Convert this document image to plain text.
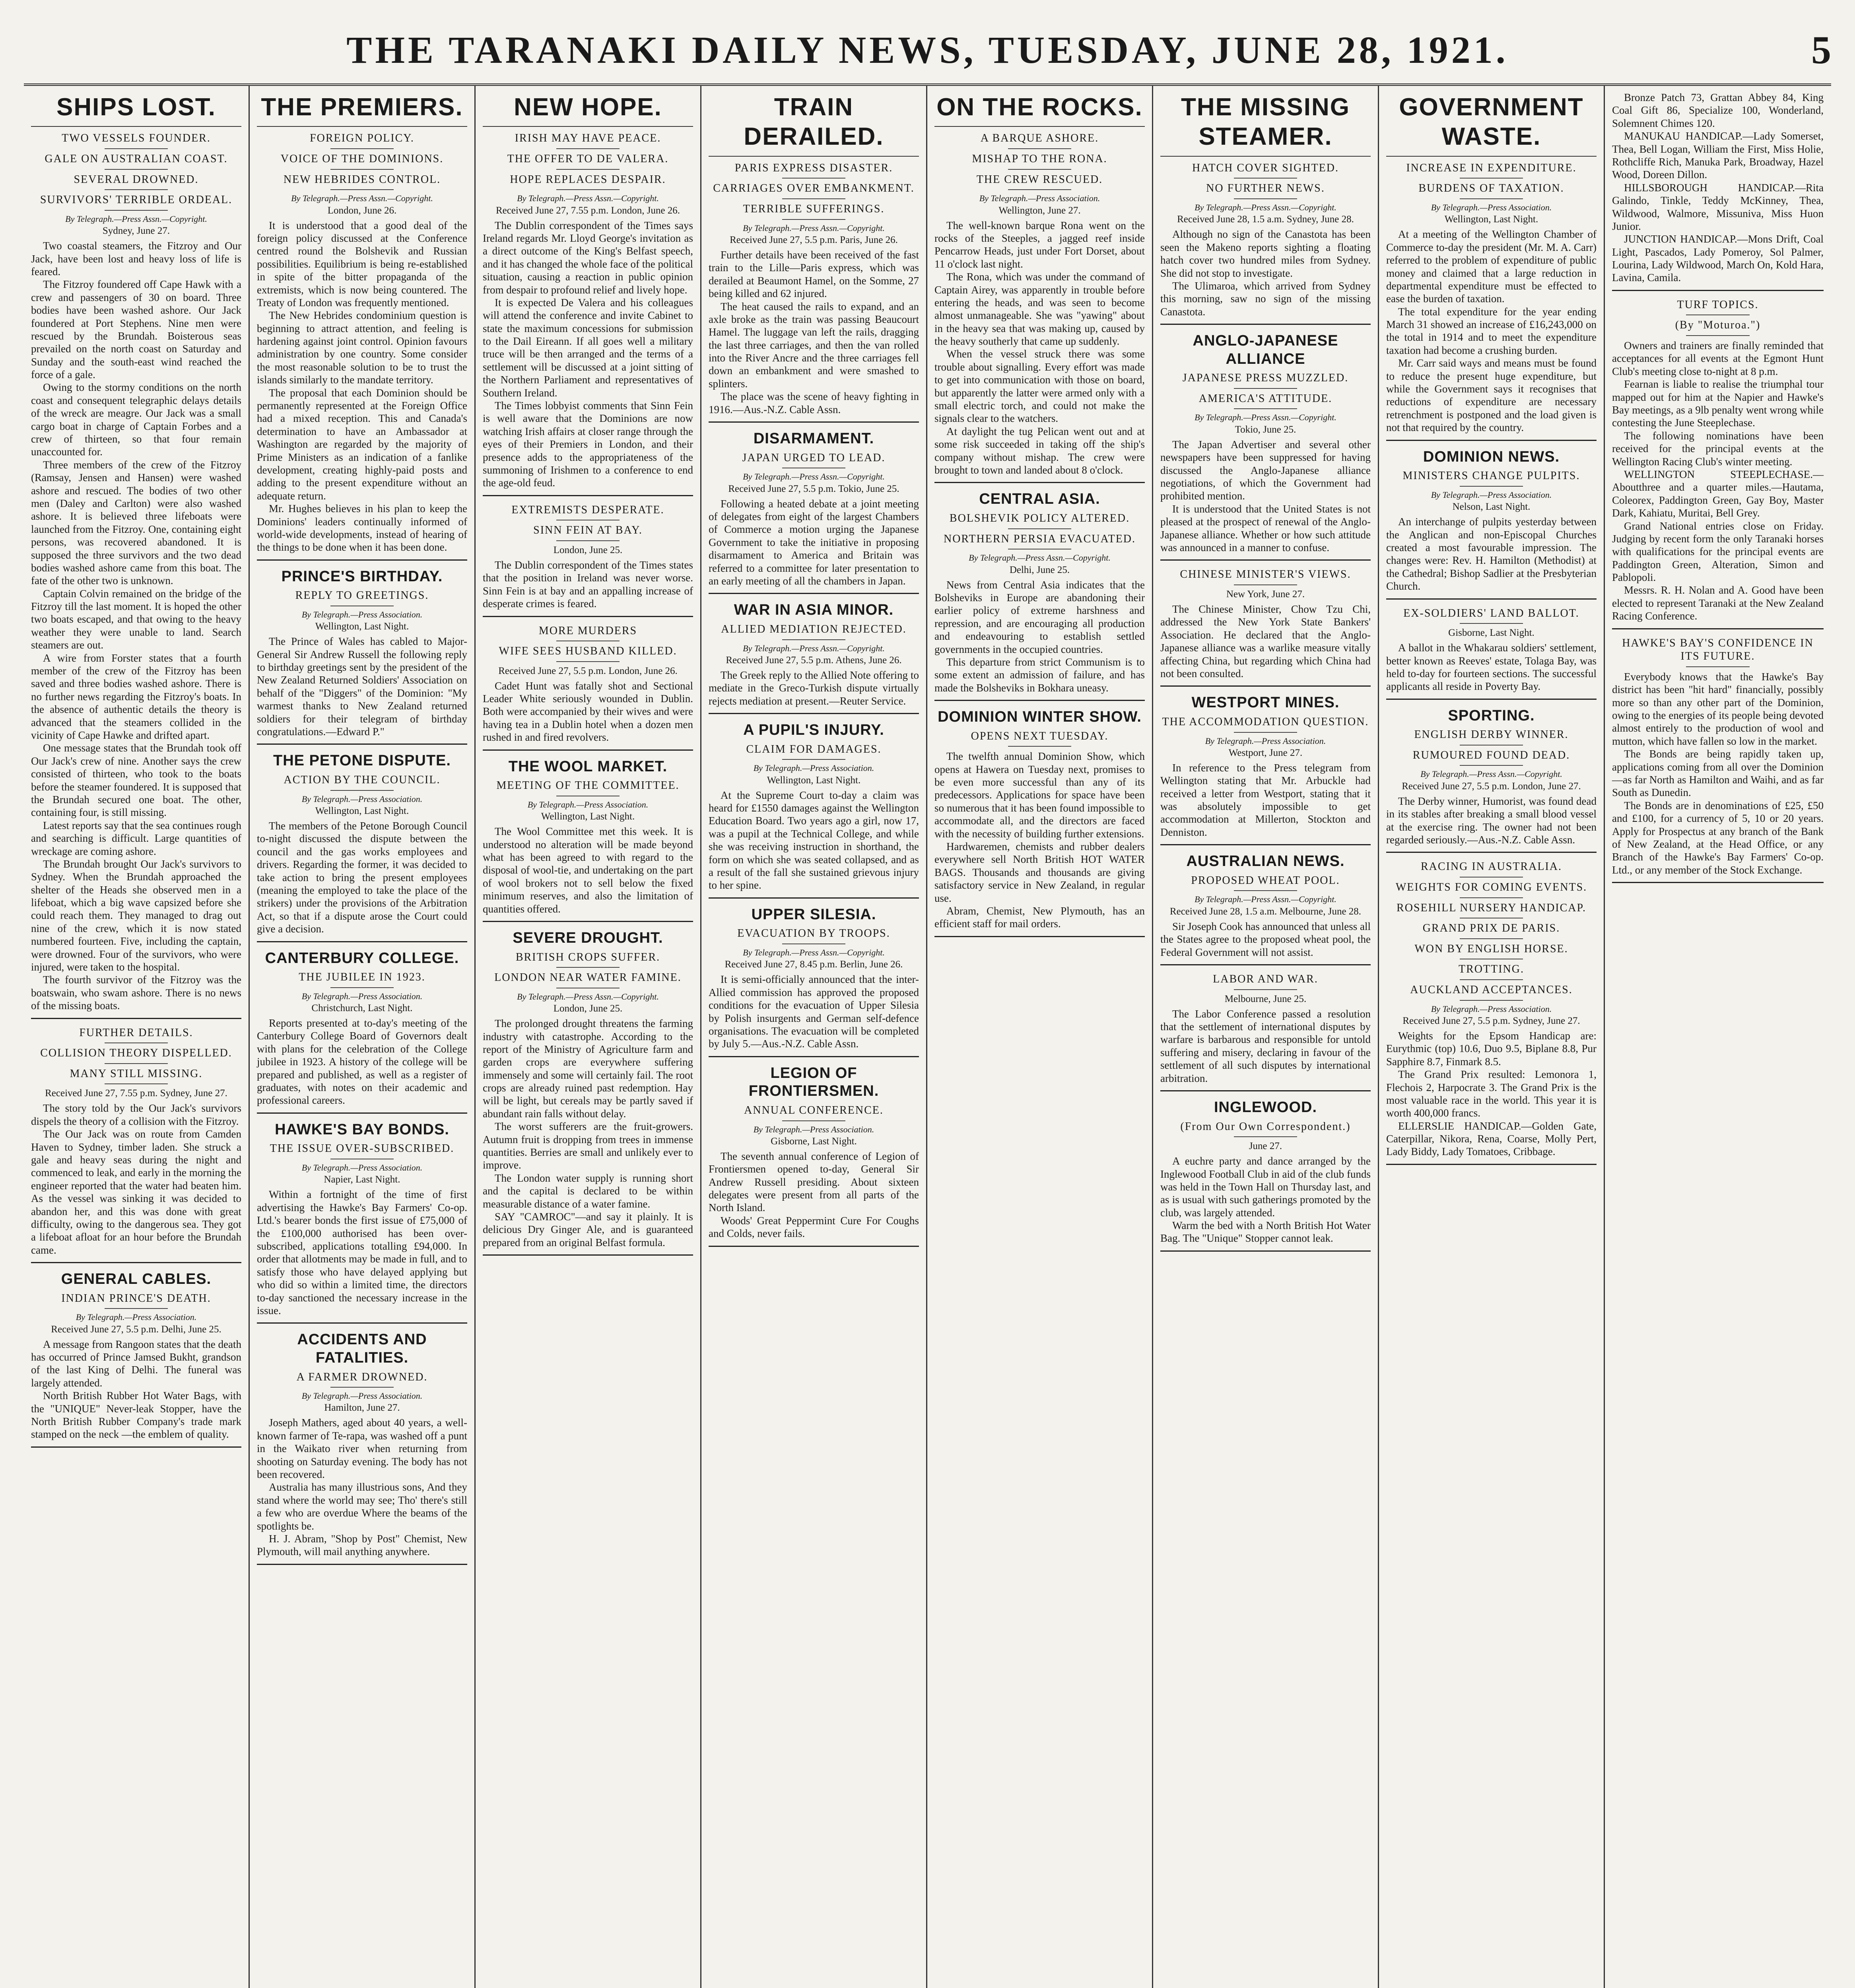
THE TARANAKI DAILY NEWS, TUESDAY, JUNE 28, 1921.	5
SHIPS LOST.
TWO VESSELS FOUNDER.
GALE ON AUSTRALIAN COAST.
SEVERAL DROWNED.
SURVIVORS' TERRIBLE ORDEAL.
By Telegraph.—Press Assn.—Copyright.
Sydney, June 27.

Two coastal steamers, the Fitzroy and Our Jack, have been lost and heavy loss of life is feared.

The Fitzroy foundered off Cape Hawk with a crew and passengers of 30 on board. Three bodies have been washed ashore. Our Jack foundered at Port Stephens. Nine men were rescued by the Brundah. Boisterous seas prevailed on the north coast on Saturday and Sunday and the south-east wind reached the force of a gale.

Owing to the stormy conditions on the north coast and consequent telegraphic delays details of the wreck are meagre. Our Jack was a small cargo boat in charge of Captain Forbes and a crew of thirteen, so that four remain unaccounted for.

Three members of the crew of the Fitzroy (Ramsay, Jensen and Hansen) were washed ashore and rescued. The bodies of two other men (Daley and Carlton) were also washed ashore. It is believed three lifeboats were launched from the Fitzroy. One, containing eight persons, was recovered abandoned. It is supposed the three survivors and the two dead bodies washed ashore came from this boat. The fate of the other two is unknown.

Captain Colvin remained on the bridge of the Fitzroy till the last moment. It is hoped the other two boats escaped, and that owing to the heavy weather they were unable to land. Search steamers are out.

A wire from Forster states that a fourth member of the crew of the Fitzroy has been saved and three bodies washed ashore. There is no further news regarding the Fitzroy's boats. In the absence of authentic details the theory is advanced that the steamers collided in the vicinity of Cape Hawke and drifted apart.

One message states that the Brundah took off Our Jack's crew of nine. Another says the crew consisted of thirteen, who took to the boats before the steamer foundered. It is supposed that the Brundah secured one boat. The other, containing four, is still missing.

Latest reports say that the sea continues rough and searching is difficult. Large quantities of wreckage are coming ashore.

The Brundah brought Our Jack's survivors to Sydney. When the Brundah approached the shelter of the Heads she observed men in a lifeboat, which a big wave capsized before she could reach them. They managed to drag out nine of the crew, which it is now stated numbered fourteen. Five, including the captain, were drowned. Four of the survivors, who were injured, were taken to the hospital.

The fourth survivor of the Fitzroy was the boatswain, who swam ashore. There is no news of the missing boats.

FURTHER DETAILS.
COLLISION THEORY DISPELLED.
MANY STILL MISSING.
Received June 27, 7.55 p.m. Sydney, June 27.

The story told by the Our Jack's survivors dispels the theory of a collision with the Fitzroy.

The Our Jack was on route from Camden Haven to Sydney, timber laden. She struck a gale and heavy seas during the night and commenced to leak, and early in the morning the engineer reported that the water had beaten him. As the vessel was sinking it was decided to abandon her, and this was done with great difficulty, owing to the dangerous sea. They got a lifeboat afloat for an hour before the Brundah came.

GENERAL CABLES.
INDIAN PRINCE'S DEATH.
By Telegraph.—Press Association.
Received June 27, 5.5 p.m. Delhi, June 25.

A message from Rangoon states that the death has occurred of Prince Jamsed Bukht, grandson of the last King of Delhi. The funeral was largely attended.

North British Rubber Hot Water Bags, with the "UNIQUE" Never-leak Stopper, have the North British Rubber Company's trade mark stamped on the neck —the emblem of quality.

THE PREMIERS.
FOREIGN POLICY.
VOICE OF THE DOMINIONS.
NEW HEBRIDES CONTROL.
By Telegraph.—Press Assn.—Copyright.
London, June 26.

It is understood that a good deal of the foreign policy discussed at the Conference centred round the Bolshevik and Russian possibilities. Equilibrium is being re-established in spite of the bitter propaganda of the extremists, which is now being countered. The Treaty of London was frequently mentioned.

The New Hebrides condominium question is beginning to attract attention, and feeling is hardening against joint control. Opinion favours administration by one country. Some consider the most reasonable solution to be to trust the islands similarly to the mandate territory.

The proposal that each Dominion should be permanently represented at the Foreign Office had a mixed reception. This and Canada's determination to have an Ambassador at Washington are regarded by the majority of Prime Ministers as an indication of a fanlike development, creating highly-paid posts and adding to the present expenditure without an adequate return.

Mr. Hughes believes in his plan to keep the Dominions' leaders continually informed of world-wide developments, instead of hearing of the things to be done when it has been done.

PRINCE'S BIRTHDAY.
REPLY TO GREETINGS.
By Telegraph.—Press Association.
Wellington, Last Night.

The Prince of Wales has cabled to Major-General Sir Andrew Russell the following reply to birthday greetings sent by the president of the New Zealand Returned Soldiers' Association on behalf of the "Diggers" of the Dominion: "My warmest thanks to New Zealand returned soldiers for their telegram of birthday congratulations.—Edward P."

THE PETONE DISPUTE.
ACTION BY THE COUNCIL.
By Telegraph.—Press Association.
Wellington, Last Night.

The members of the Petone Borough Council to-night discussed the dispute between the council and the gas works employees and drivers. Regarding the former, it was decided to take action to bring the present employees (meaning the employed to take the place of the strikers) under the provisions of the Arbitration Act, so that if a dispute arose the Court could give a decision.

CANTERBURY COLLEGE.
THE JUBILEE IN 1923.
By Telegraph.—Press Association.
Christchurch, Last Night.

Reports presented at to-day's meeting of the Canterbury College Board of Governors dealt with plans for the celebration of the College jubilee in 1923. A history of the college will be prepared and published, as well as a register of graduates, with notes on their academic and professional careers.

HAWKE'S BAY BONDS.
THE ISSUE OVER-SUBSCRIBED.
By Telegraph.—Press Association.
Napier, Last Night.

Within a fortnight of the time of first advertising the Hawke's Bay Farmers' Co-op. Ltd.'s bearer bonds the first issue of £75,000 of the £100,000 authorised has been over-subscribed, applications totalling £94,000. In order that allotments may be made in full, and to satisfy those who have delayed applying but who did so within a limited time, the directors to-day sanctioned the necessary increase in the issue.

ACCIDENTS AND FATALITIES.
A FARMER DROWNED.
By Telegraph.—Press Association.
Hamilton, June 27.

Joseph Mathers, aged about 40 years, a well-known farmer of Te-rapa, was washed off a punt in the Waikato river when returning from shooting on Saturday evening. The body has not been recovered.

Australia has many illustrious sons, And they stand where the world may see; Tho' there's still a few who are overdue Where the beams of the spotlights be.

H. J. Abram, "Shop by Post" Chemist, New Plymouth, will mail anything anywhere.

NEW HOPE.
IRISH MAY HAVE PEACE.
THE OFFER TO DE VALERA.
HOPE REPLACES DESPAIR.
By Telegraph.—Press Assn.—Copyright.
Received June 27, 7.55 p.m. London, June 26.

The Dublin correspondent of the Times says Ireland regards Mr. Lloyd George's invitation as a direct outcome of the King's Belfast speech, and it has changed the whole face of the political situation, causing a reaction in public opinion from despair to profound relief and lively hope.

It is expected De Valera and his colleagues will attend the conference and invite Cabinet to state the maximum concessions for submission to the Dail Eireann. If all goes well a military truce will be then arranged and the terms of a settlement will be discussed at a joint sitting of the Northern Parliament and representatives of Southern Ireland.

The Times lobbyist comments that Sinn Fein is well aware that the Dominions are now watching Irish affairs at closer range through the eyes of their Premiers in London, and their presence adds to the appropriateness of the summoning of Irishmen to a conference to end the age-old feud.

EXTREMISTS DESPERATE.
SINN FEIN AT BAY.
London, June 25.

The Dublin correspondent of the Times states that the position in Ireland was never worse. Sinn Fein is at bay and an appalling increase of desperate crimes is feared.

MORE MURDERS
WIFE SEES HUSBAND KILLED.
Received June 27, 5.5 p.m. London, June 26.

Cadet Hunt was fatally shot and Sectional Leader White seriously wounded in Dublin. Both were accompanied by their wives and were having tea in a Dublin hotel when a dozen men rushed in and fired revolvers.

THE WOOL MARKET.
MEETING OF THE COMMITTEE.
By Telegraph.—Press Association.
Wellington, Last Night.

The Wool Committee met this week. It is understood no alteration will be made beyond what has been agreed to with regard to the disposal of wool-tie, and undertaking on the part of wool brokers not to sell below the fixed minimum reserves, and also the limitation of quantities offered.

SEVERE DROUGHT.
BRITISH CROPS SUFFER.
LONDON NEAR WATER FAMINE.
By Telegraph.—Press Assn.—Copyright.
London, June 25.

The prolonged drought threatens the farming industry with catastrophe. According to the report of the Ministry of Agriculture farm and garden crops are everywhere suffering immensely and some will certainly fail. The root crops are already ruined past redemption. Hay will be light, but cereals may be partly saved if abundant rain falls without delay.

The worst sufferers are the fruit-growers. Autumn fruit is dropping from trees in immense quantities. Berries are small and unlikely ever to improve.

The London water supply is running short and the capital is declared to be within measurable distance of a water famine.

SAY "CAMROC"—and say it plainly. It is delicious Dry Ginger Ale, and is guaranteed prepared from an original Belfast formula.

TRAIN DERAILED.
PARIS EXPRESS DISASTER.
CARRIAGES OVER EMBANKMENT.
TERRIBLE SUFFERINGS.
By Telegraph.—Press Assn.—Copyright.
Received June 27, 5.5 p.m. Paris, June 26.

Further details have been received of the fast train to the Lille—Paris express, which was derailed at Beaumont Hamel, on the Somme, 27 being killed and 62 injured.

The heat caused the rails to expand, and an axle broke as the train was passing Beaucourt Hamel. The luggage van left the rails, dragging the last three carriages, and then the van rolled into the River Ancre and the three carriages fell down an embankment and were smashed to splinters.

The place was the scene of heavy fighting in 1916.—Aus.-N.Z. Cable Assn.

DISARMAMENT.
JAPAN URGED TO LEAD.
By Telegraph.—Press Assn.—Copyright.
Received June 27, 5.5 p.m. Tokio, June 25.

Following a heated debate at a joint meeting of delegates from eight of the largest Chambers of Commerce a motion urging the Japanese Government to take the initiative in proposing disarmament to America and Britain was referred to a committee for later presentation to an early meeting of all the chambers in Japan.

WAR IN ASIA MINOR.
ALLIED MEDIATION REJECTED.
By Telegraph.—Press Assn.—Copyright.
Received June 27, 5.5 p.m. Athens, June 26.

The Greek reply to the Allied Note offering to mediate in the Greco-Turkish dispute virtually rejects mediation at present.—Reuter Service.

A PUPIL'S INJURY.
CLAIM FOR DAMAGES.
By Telegraph.—Press Association.
Wellington, Last Night.

At the Supreme Court to-day a claim was heard for £1550 damages against the Wellington Education Board. Two years ago a girl, now 17, was a pupil at the Technical College, and while she was receiving instruction in shorthand, the form on which she was seated collapsed, and as a result of the fall she sustained grievous injury to her spine.

UPPER SILESIA.
EVACUATION BY TROOPS.
By Telegraph.—Press Assn.—Copyright.
Received June 27, 8.45 p.m. Berlin, June 26.

It is semi-officially announced that the inter-Allied commission has approved the proposed conditions for the evacuation of Upper Silesia by Polish insurgents and German self-defence organisations. The evacuation will be completed by July 5.—Aus.-N.Z. Cable Assn.

LEGION OF FRONTIERSMEN.
ANNUAL CONFERENCE.
By Telegraph.—Press Association.
Gisborne, Last Night.

The seventh annual conference of Legion of Frontiersmen opened to-day, General Sir Andrew Russell presiding. About sixteen delegates were present from all parts of the North Island.

Woods' Great Peppermint Cure For Coughs and Colds, never fails.

ON THE ROCKS.
A BARQUE ASHORE.
MISHAP TO THE RONA.
THE CREW RESCUED.
By Telegraph.—Press Association.
Wellington, June 27.

The well-known barque Rona went on the rocks of the Steeples, a jagged reef inside Pencarrow Heads, just under Fort Dorset, about 11 o'clock last night.

The Rona, which was under the command of Captain Airey, was apparently in trouble before entering the heads, and was seen to become almost unmanageable. She was "yawing" about in the heavy sea that was making up, caused by the heavy southerly that came up suddenly.

When the vessel struck there was some trouble about signalling. Every effort was made to get into communication with those on board, but apparently the latter were armed only with a small electric torch, and could not make the signals clear to the watchers.

At daylight the tug Pelican went out and at some risk succeeded in taking off the ship's company without mishap. The crew were brought to town and landed about 8 o'clock.

CENTRAL ASIA.
BOLSHEVIK POLICY ALTERED.
NORTHERN PERSIA EVACUATED.
By Telegraph.—Press Assn.—Copyright.
Delhi, June 25.

News from Central Asia indicates that the Bolsheviks in Europe are abandoning their earlier policy of extreme harshness and repression, and are encouraging all production and endeavouring to establish settled governments in the occupied countries.

This departure from strict Communism is to some extent an admission of failure, and has made the Bolsheviks in Bokhara uneasy.

DOMINION WINTER SHOW.
OPENS NEXT TUESDAY.

The twelfth annual Dominion Show, which opens at Hawera on Tuesday next, promises to be even more successful than any of its predecessors. Applications for space have been so numerous that it has been found impossible to accommodate all, and the directors are faced with the necessity of building further extensions.

Hardwaremen, chemists and rubber dealers everywhere sell North British HOT WATER BAGS. Thousands and thousands are giving satisfactory service in New Zealand, in regular use.

Abram, Chemist, New Plymouth, has an efficient staff for mail orders.

THE MISSING STEAMER.
HATCH COVER SIGHTED.
NO FURTHER NEWS.
By Telegraph.—Press Assn.—Copyright.
Received June 28, 1.5 a.m. Sydney, June 28.

Although no sign of the Canastota has been seen the Makeno reports sighting a floating hatch cover two hundred miles from Sydney. She did not stop to investigate.

The Ulimaroa, which arrived from Sydney this morning, saw no sign of the missing Canastota.

ANGLO-JAPANESE ALLIANCE
JAPANESE PRESS MUZZLED.
AMERICA'S ATTITUDE.
By Telegraph.—Press Assn.—Copyright.
Tokio, June 25.

The Japan Advertiser and several other newspapers have been suppressed for having discussed the Anglo-Japanese alliance negotiations, of which the Government had prohibited mention.

It is understood that the United States is not pleased at the prospect of renewal of the Anglo-Japanese alliance. Whether or how such attitude was announced in a manner to confuse.

CHINESE MINISTER'S VIEWS.
New York, June 27.

The Chinese Minister, Chow Tzu Chi, addressed the New York State Bankers' Association. He declared that the Anglo-Japanese alliance was a warlike measure vitally affecting China, but regarding which China had not been consulted.

WESTPORT MINES.
THE ACCOMMODATION QUESTION.
By Telegraph.—Press Association.
Westport, June 27.

In reference to the Press telegram from Wellington stating that Mr. Arbuckle had received a letter from Westport, stating that it was absolutely impossible to get accommodation at Millerton, Stockton and Denniston.

AUSTRALIAN NEWS.
PROPOSED WHEAT POOL.
By Telegraph.—Press Assn.—Copyright.
Received June 28, 1.5 a.m. Melbourne, June 28.

Sir Joseph Cook has announced that unless all the States agree to the proposed wheat pool, the Federal Government will not assist.

LABOR AND WAR.
Melbourne, June 25.

The Labor Conference passed a resolution that the settlement of international disputes by warfare is barbarous and responsible for untold suffering and misery, declaring in favour of the settlement of all such disputes by international arbitration.

INGLEWOOD.
(From Our Own Correspondent.)
June 27.

A euchre party and dance arranged by the Inglewood Football Club in aid of the club funds was held in the Town Hall on Thursday last, and as is usual with such gatherings promoted by the club, was largely attended.

Warm the bed with a North British Hot Water Bag. The "Unique" Stopper cannot leak.

GOVERNMENT WASTE.
INCREASE IN EXPENDITURE.
BURDENS OF TAXATION.
By Telegraph.—Press Association.
Wellington, Last Night.

At a meeting of the Wellington Chamber of Commerce to-day the president (Mr. M. A. Carr) referred to the problem of expenditure of public money and claimed that a large reduction in departmental expenditure must be effected to ease the burden of taxation.

The total expenditure for the year ending March 31 showed an increase of £16,243,000 on the total in 1914 and to meet the expenditure taxation had become a crushing burden.

Mr. Carr said ways and means must be found to reduce the present huge expenditure, but while the Government says it recognises that reductions of expenditure are necessary retrenchment is postponed and the load given is not that required by the country.

DOMINION NEWS.
MINISTERS CHANGE PULPITS.
By Telegraph.—Press Association.
Nelson, Last Night.

An interchange of pulpits yesterday between the Anglican and non-Episcopal Churches created a most favourable impression. The changes were: Rev. H. Hamilton (Methodist) at the Cathedral; Bishop Sadlier at the Presbyterian Church.

EX-SOLDIERS' LAND BALLOT.
Gisborne, Last Night.

A ballot in the Whakarau soldiers' settlement, better known as Reeves' estate, Tolaga Bay, was held to-day for fourteen sections. The successful applicants all reside in Poverty Bay.

SPORTING.
ENGLISH DERBY WINNER.
RUMOURED FOUND DEAD.
By Telegraph.—Press Assn.—Copyright.
Received June 27, 5.5 p.m. London, June 27.

The Derby winner, Humorist, was found dead in its stables after breaking a small blood vessel at the exercise ring. The owner had not been regarded seriously.—Aus.-N.Z. Cable Assn.

RACING IN AUSTRALIA.
WEIGHTS FOR COMING EVENTS.
ROSEHILL NURSERY HANDICAP.
GRAND PRIX DE PARIS.
WON BY ENGLISH HORSE.
TROTTING.
AUCKLAND ACCEPTANCES.
By Telegraph.—Press Association.
Received June 27, 5.5 p.m. Sydney, June 27.

Weights for the Epsom Handicap are: Eurythmic (top) 10.6, Duo 9.5, Biplane 8.8, Pur Sapphire 8.7, Finmark 8.5.

The Grand Prix resulted: Lemonora 1, Flechois 2, Harpocrate 3. The Grand Prix is the most valuable race in the world. This year it is worth 400,000 francs.

ELLERSLIE HANDICAP.—Golden Gate, Caterpillar, Nikora, Rena, Coarse, Molly Pert, Lady Biddy, Lady Tomatoes, Cribbage.

Bronze Patch 73, Grattan Abbey 84, King Coal Gift 86, Specialize 100, Wonderland, Solemnent Chimes 120.

MANUKAU HANDICAP.—Lady Somerset, Thea, Bell Logan, William the First, Miss Holie, Rothcliffe Rich, Manuka Park, Broadway, Hazel Wood, Doreen Dillon.

HILLSBOROUGH HANDICAP.—Rita Galindo, Tinkle, Teddy McKinney, Thea, Wildwood, Walmore, Missuniva, Miss Huon Junior.

JUNCTION HANDICAP.—Mons Drift, Coal Light, Pascados, Lady Pomeroy, Sol Palmer, Lourina, Lady Wildwood, March On, Kold Hara, Lavina, Camila.

TURF TOPICS.
(By "Moturoa.")

Owners and trainers are finally reminded that acceptances for all events at the Egmont Hunt Club's meeting close to-night at 8 p.m.

Fearnan is liable to realise the triumphal tour mapped out for him at the Napier and Hawke's Bay meetings, as a 9lb penalty went wrong while contesting the June Steeplechase.

The following nominations have been received for the principal events at the Wellington Racing Club's winter meeting.

WELLINGTON STEEPLECHASE.—Aboutthree and a quarter miles.—Hautama, Coleorex, Paddington Green, Gay Boy, Master Dark, Kahiatu, Muritai, Bell Grey.

Grand National entries close on Friday. Judging by recent form the only Taranaki horses with qualifications for the principal events are Paddington Green, Alteration, Simon and Pablopoli.

Messrs. R. H. Nolan and A. Good have been elected to represent Taranaki at the New Zealand Racing Conference.

HAWKE'S BAY'S CONFIDENCE IN ITS FUTURE.

Everybody knows that the Hawke's Bay district has been "hit hard" financially, possibly more so than any other part of the Dominion, owing to the energies of its people being devoted almost entirely to the production of wool and mutton, which have fallen so low in the market.

The Bonds are being rapidly taken up, applications coming from all over the Dominion—as far North as Hamilton and Waihi, and as far South as Dunedin.

The Bonds are in denominations of £25, £50 and £100, for a currency of 5, 10 or 20 years. Apply for Prospectus at any branch of the Bank of New Zealand, at the Head Office, or any Branch of the Hawke's Bay Farmers' Co-op. Ltd., or any member of the Stock Exchange.
